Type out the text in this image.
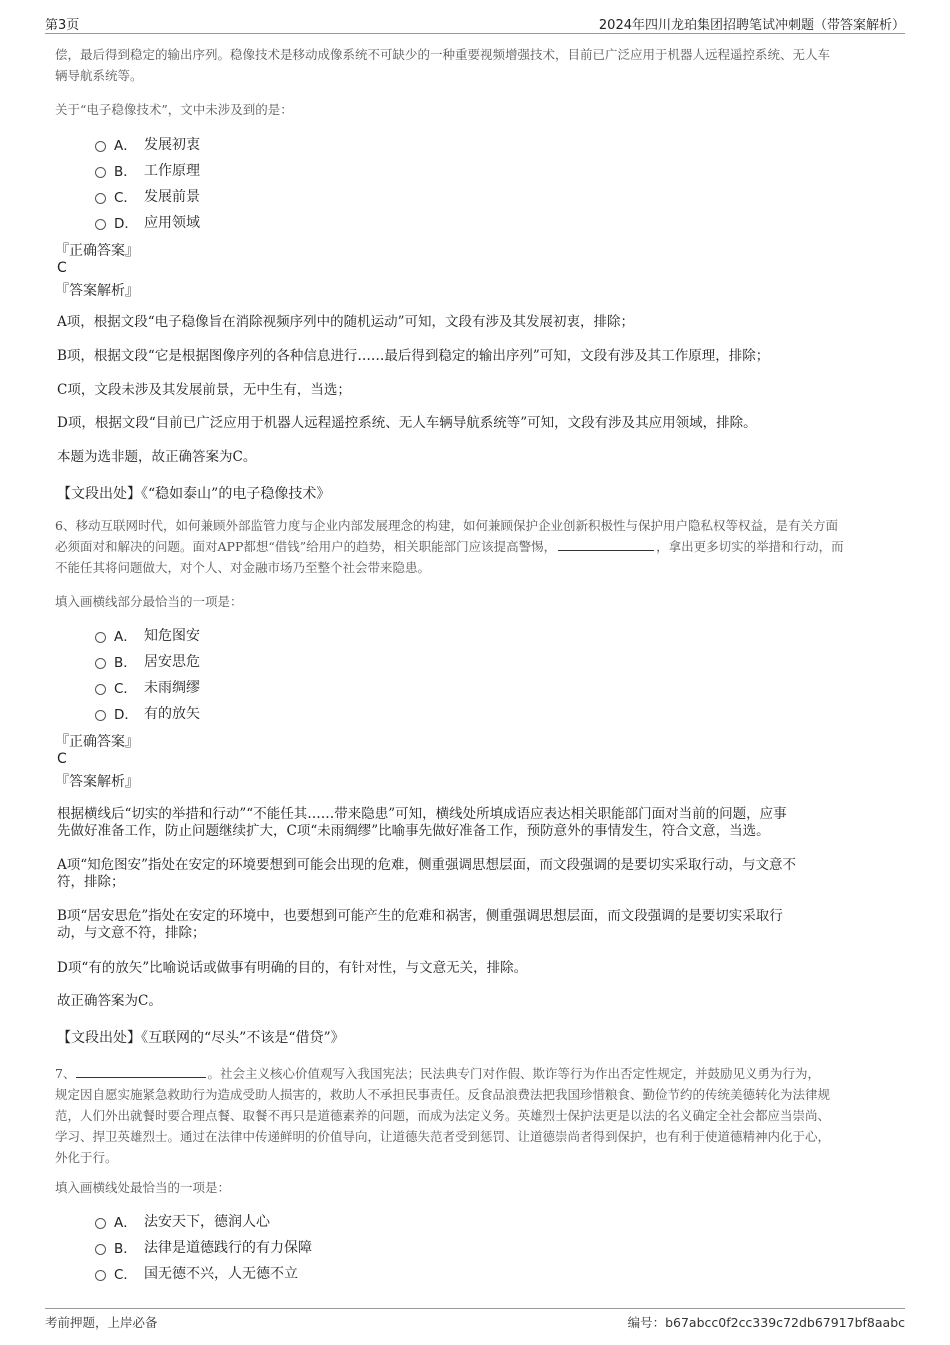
第3页	2024年四川龙珀集团招聘笔试冲刺题（带答案解析）
偿，最后得到稳定的输出序列。稳像技术是移动成像系统不可缺少的一种重要视频增强技术，目前已广泛应用于机器人远程遥控系统、无人车
辆导航系统等。
关于“电子稳像技术”，文中未涉及到的是：
A． 发展初衷
B． 工作原理
C． 发展前景
D． 应用领域
『正确答案』
C
『答案解析』
A项，根据文段“电子稳像旨在消除视频序列中的随机运动”可知，文段有涉及其发展初衷，排除；
B项，根据文段“它是根据图像序列的各种信息进行……最后得到稳定的输出序列”可知，文段有涉及其工作原理，排除；
C项，文段未涉及其发展前景，无中生有，当选；
D项，根据文段“目前已广泛应用于机器人远程遥控系统、无人车辆导航系统等”可知，文段有涉及其应用领域，排除。
本题为选非题，故正确答案为C。
【文段出处】《“稳如泰山”的电子稳像技术》
6、移动互联网时代，如何兼顾外部监管力度与企业内部发展理念的构建，如何兼顾保护企业创新积极性与保护用户隐私权等权益，是有关方面
必须面对和解决的问题。面对APP都想“借钱”给用户的趋势，相关职能部门应该提高警惕，	，拿出更多切实的举措和行动，而
不能任其将问题做大，对个人、对金融市场乃至整个社会带来隐患。
填入画横线部分最恰当的一项是：
A． 知危图安
B． 居安思危
C． 未雨绸缪
D． 有的放矢
『正确答案』
C
『答案解析』
根据横线后“切实的举措和行动”“不能任其……带来隐患”可知，横线处所填成语应表达相关职能部门面对当前的问题，应事
先做好准备工作，防止问题继续扩大，C项“未雨绸缪”比喻事先做好准备工作，预防意外的事情发生，符合文意，当选。
A项“知危图安”指处在安定的环境要想到可能会出现的危难，侧重强调思想层面，而文段强调的是要切实采取行动，与文意不
符，排除；
B项“居安思危”指处在安定的环境中，也要想到可能产生的危难和祸害，侧重强调思想层面，而文段强调的是要切实采取行
动，与文意不符，排除；
D项“有的放矢”比喻说话或做事有明确的目的，有针对性，与文意无关，排除。
故正确答案为C。
【文段出处】《互联网的“尽头”不该是“借贷”》
7、	。社会主义核心价值观写入我国宪法；民法典专门对作假、欺诈等行为作出否定性规定，并鼓励见义勇为行为，
规定因自愿实施紧急救助行为造成受助人损害的，救助人不承担民事责任。反食品浪费法把我国珍惜粮食、勤俭节约的传统美德转化为法律规
范，人们外出就餐时要合理点餐、取餐不再只是道德素养的问题，而成为法定义务。英雄烈士保护法更是以法的名义确定全社会都应当崇尚、
学习、捍卫英雄烈士。通过在法律中传递鲜明的价值导向，让道德失范者受到惩罚、让道德崇尚者得到保护，也有利于使道德精神内化于心，
外化于行。
填入画横线处最恰当的一项是：
A． 法安天下，德润人心
B． 法律是道德践行的有力保障
C． 国无德不兴，人无德不立
考前押题，上岸必备	编号：b67abcc0f2cc339c72db67917bf8aabc
